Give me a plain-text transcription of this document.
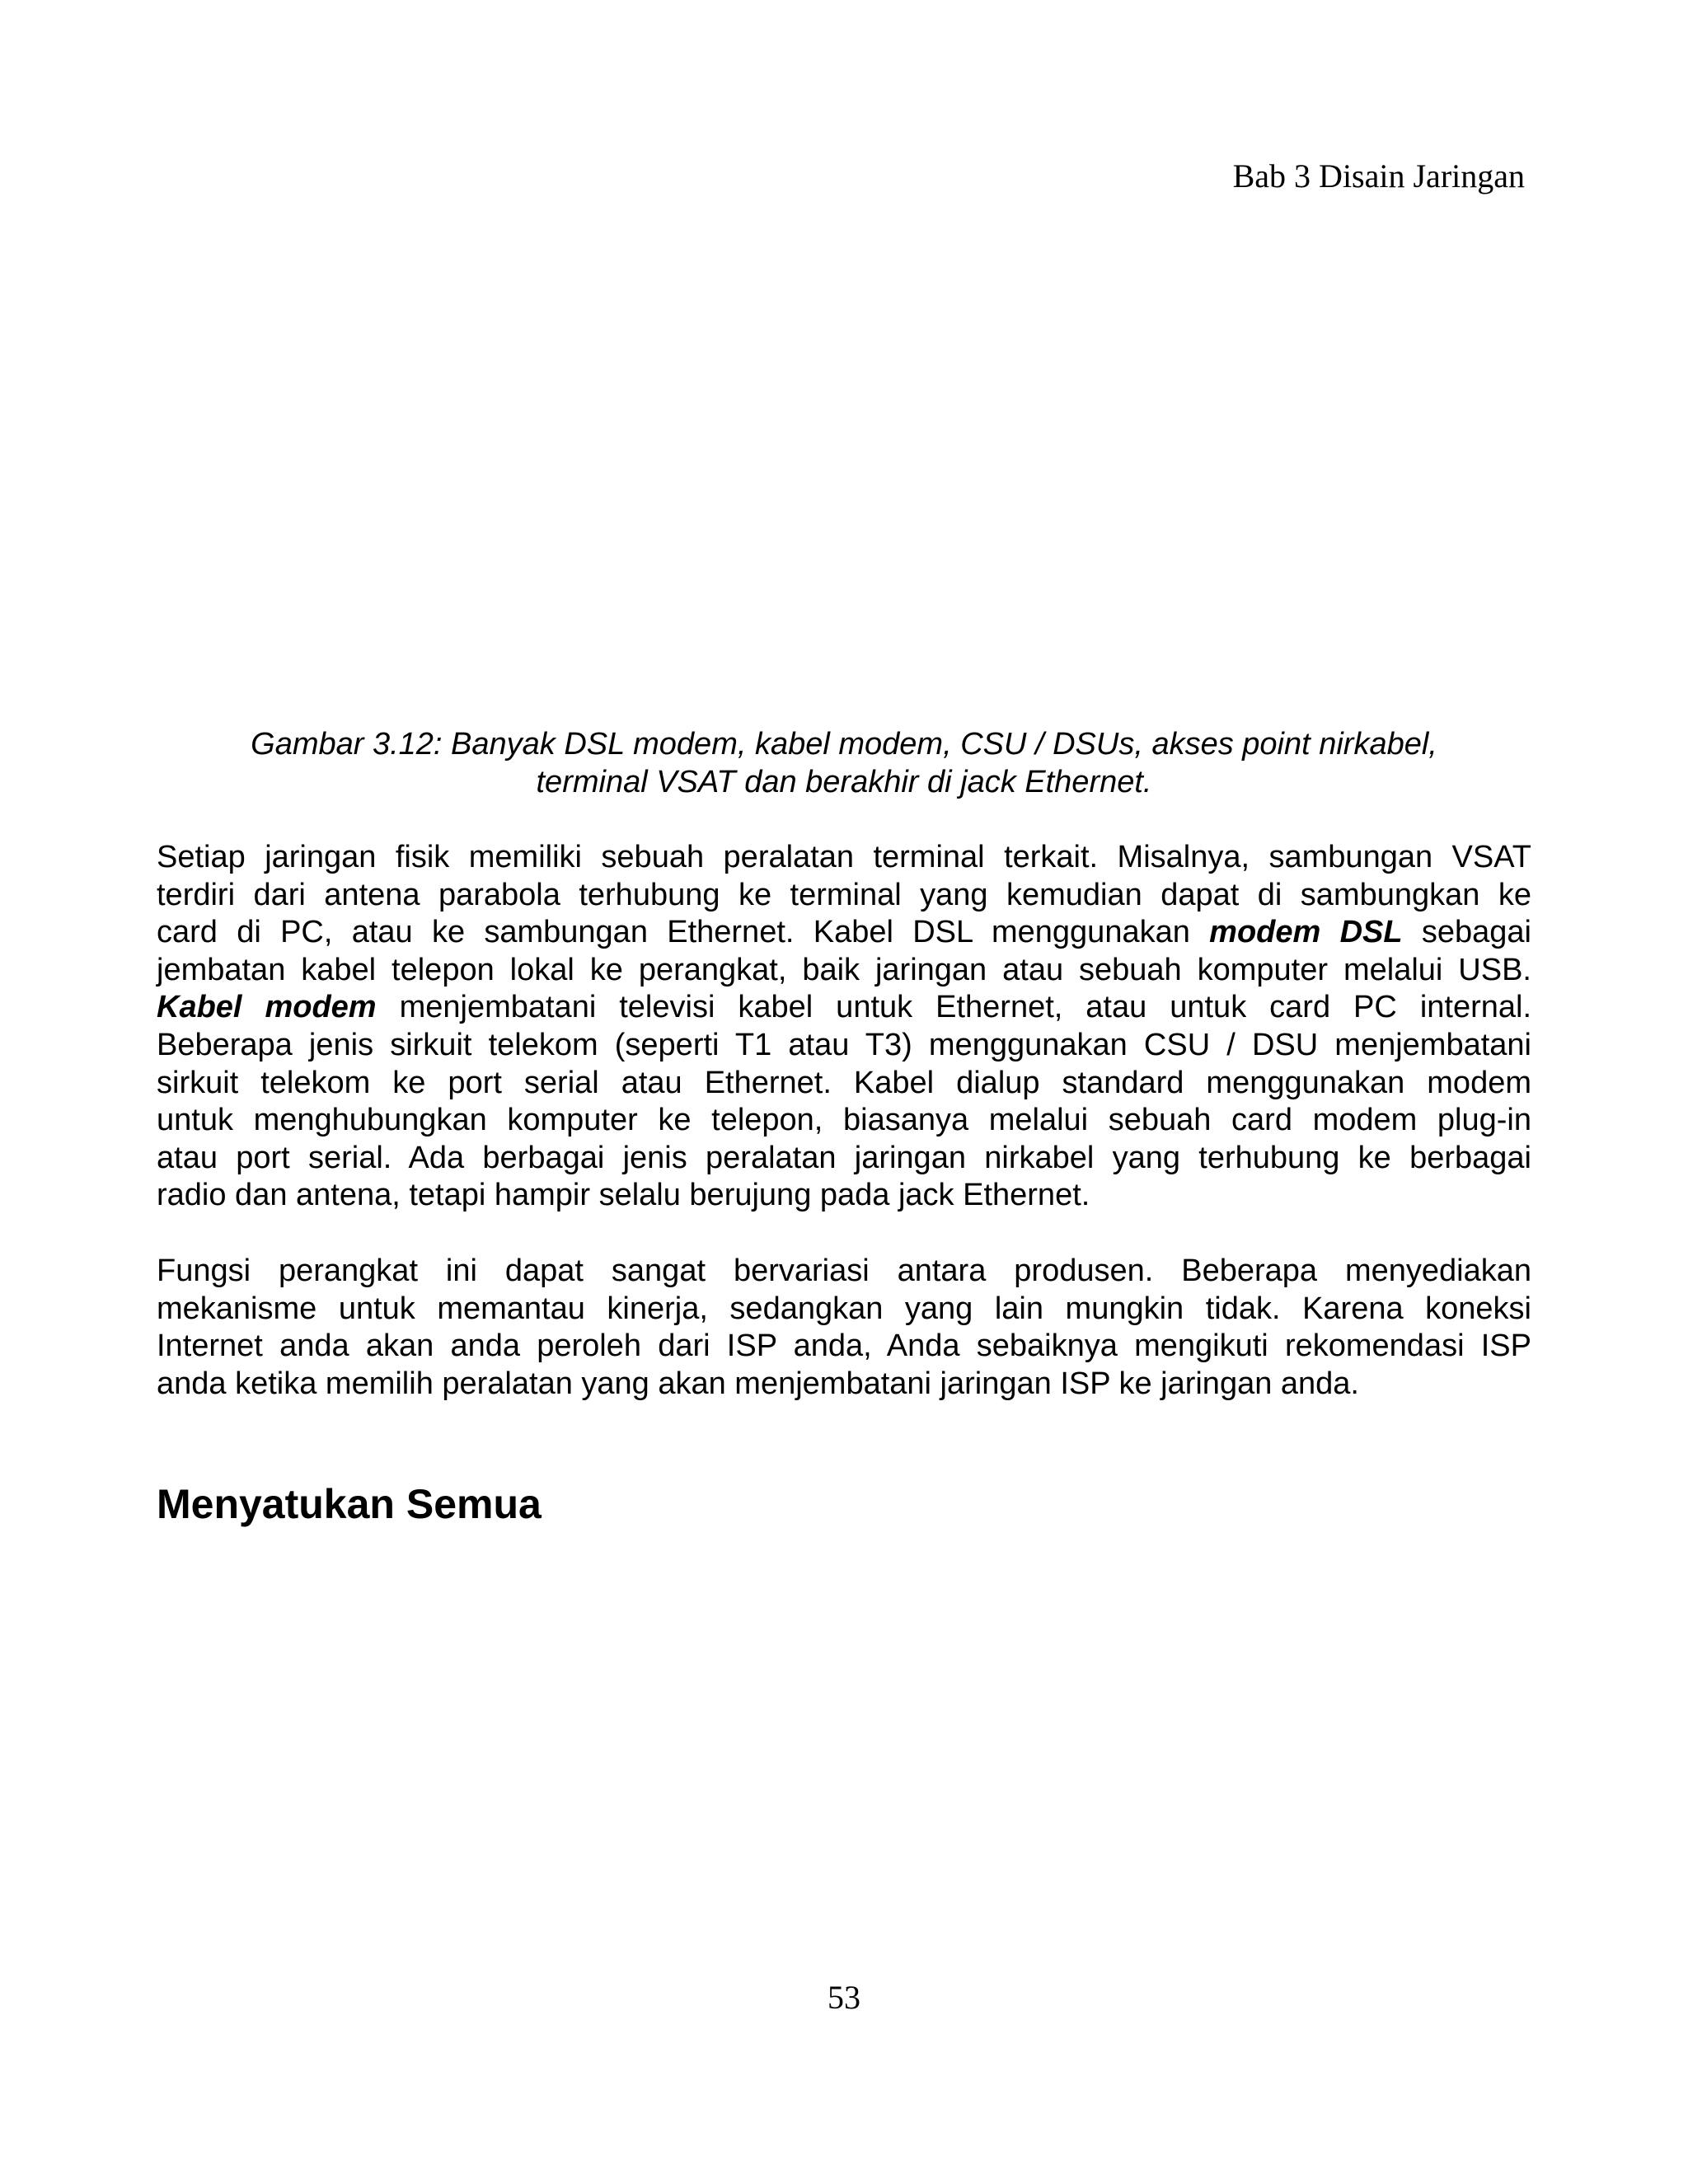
Bab 3 Disain Jaringan
Gambar 3.12: Banyak DSL modem, kabel modem, CSU / DSUs, akses point nirkabel,
terminal VSAT dan berakhir di jack Ethernet.
Setiap jaringan fisik memiliki sebuah peralatan terminal terkait. Misalnya, sambungan VSAT
terdiri dari antena parabola terhubung ke terminal yang kemudian dapat di sambungkan ke
card di PC, atau ke sambungan Ethernet. Kabel DSL menggunakan modem DSL sebagai
jembatan kabel telepon lokal ke perangkat, baik jaringan atau sebuah komputer melalui USB.
Kabel modem menjembatani televisi kabel untuk Ethernet, atau untuk card PC internal.
Beberapa jenis sirkuit telekom (seperti T1 atau T3) menggunakan CSU / DSU menjembatani
sirkuit telekom ke port serial atau Ethernet. Kabel dialup standard menggunakan modem
untuk menghubungkan komputer ke telepon, biasanya melalui sebuah card modem plug-in
atau port serial. Ada berbagai jenis peralatan jaringan nirkabel yang terhubung ke berbagai
radio dan antena, tetapi hampir selalu berujung pada jack Ethernet.
Fungsi perangkat ini dapat sangat bervariasi antara produsen. Beberapa menyediakan
mekanisme untuk memantau kinerja, sedangkan yang lain mungkin tidak. Karena koneksi
Internet anda akan anda peroleh dari ISP anda, Anda sebaiknya mengikuti rekomendasi ISP
anda ketika memilih peralatan yang akan menjembatani jaringan ISP ke jaringan anda.
Menyatukan Semua
53
